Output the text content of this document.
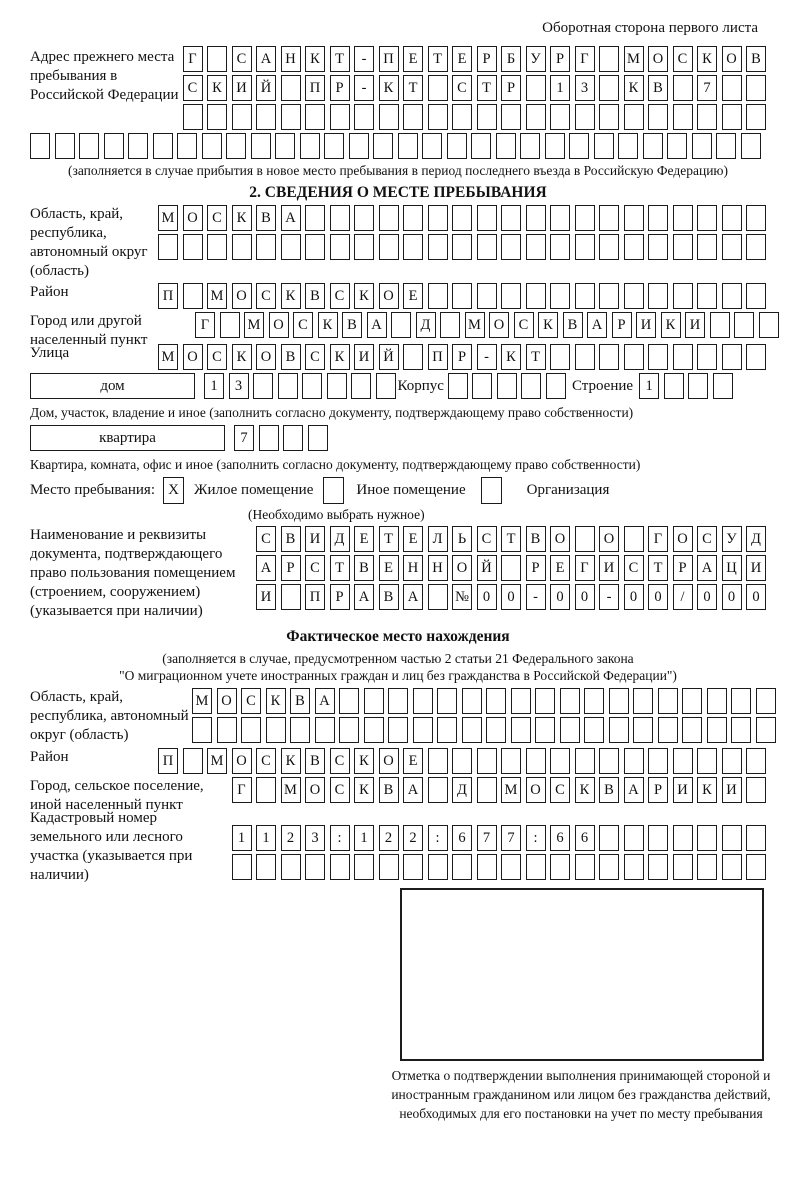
Оборотная сторона первого листа
Адрес прежнего места пребывания в Российской Федерации
Г	С А Н К	Т	-	П	Е	Т	Е	Р	Б	У	Р	Г	М О С	К О В
С	К И Й	П	Р	-	К	Т	С	Т	Р	1	3	К	В	7
(заполняется в случае прибытия в новое место пребывания в период последнего въезда в Российскую Федерацию)
2. СВЕДЕНИЯ О МЕСТЕ ПРЕБЫВАНИЯ
Область, край, республика, автономный округ (область)
М О С	К	В А
Район	П	М О С	К	В	С	К О	Е
Город или другой населенный пункт
Г	М О С	К	В А	Д	М О С	К	В А	Р	И К И
Улица	М О С	К О В	С	К И Й	П	Р	-	К	Т
дом	1	3	Корпус	Строение 1
Дом, участок, владение и иное (заполнить согласно документу, подтверждающему право собственности)
квартира	7
Квартира, комната, офис и иное (заполнить согласно документу, подтверждающему право собственности)
Место пребывания: X	Жилое помещение	Иное помещение	Организация
(Необходимо выбрать нужное)
Наименование и реквизиты документа, подтверждающего право пользования помещением (строением, сооружением) (указывается при наличии)
С	В И Д	Е	Т	Е	Л	Ь	С	Т	В О	О	Г	О С	У Д
А	Р	С	Т	В	Е	Н Н О Й	Р	Е	Г	И С	Т	Р	А Ц И
И	П	Р	А В А	№ 0	0	-	0	0	-	0	0	/	0	0	0
Фактическое место нахождения
(заполняется в случае, предусмотренном частью 2 статьи 21 Федерального закона
"О миграционном учете иностранных граждан и лиц без гражданства в Российской Федерации")
Область, край, республика, автономный округ (область)
М О С	К	В А
Район	П	М О С	К	В	С	К О	Е
Город, сельское поселение, иной населенный пункт
Г	М О С	К	В А	Д	М О С	К	В А	Р	И К И
Кадастровый номер земельного или лесного участка (указывается при наличии)
1	1	2	3	:	1	2	2	:	6	7	7	:	6	6
Отметка о подтверждении выполнения принимающей стороной и иностранным гражданином или лицом без гражданства действий, необходимых для его постановки на учет по месту пребывания
